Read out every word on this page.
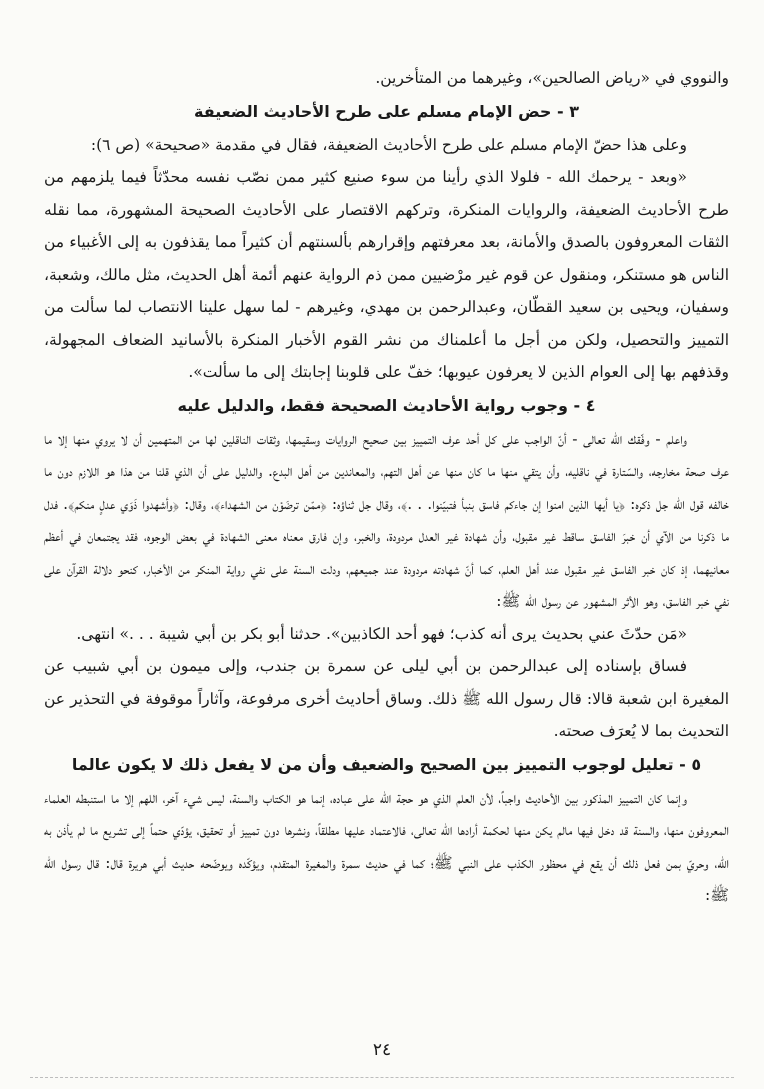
والنووي في «رياض الصالحين»، وغيرهما من المتأخرين.

٣ - حض الإمام مسلم على طرح الأحاديث الضعيفة

وعلى هذا حضّ الإمام مسلم على طرح الأحاديث الضعيفة، فقال في مقدمة «صحيحة» (ص ٦):

«وبعد - يرحمك الله - فلولا الذي رأينا من سوء صنيع كثير ممن نصّب نفسه محدّثاً فيما يلزمهم من طرح الأحاديث الضعيفة، والروايات المنكرة، وتركهم الاقتصار على الأحاديث الصحيحة المشهورة، مما نقله الثقات المعروفون بالصدق والأمانة، بعد معرفتهم وإقرارهم بألسنتهم أن كثيراً مما يقذفون به إلى الأغبياء من الناس هو مستنكر، ومنقول عن قوم غير مرْضيين ممن ذم الرواية عنهم أئمة أهل الحديث، مثل مالك، وشعبة، وسفيان، ويحيى بن سعيد القطّان، وعبدالرحمن بن مهدي، وغيرهم - لما سهل علينا الانتصاب لما سألت من التمييز والتحصيل، ولكن من أجل ما أعلمناك من نشر القوم الأخبار المنكرة بالأسانيد الضعاف المجهولة، وقذفهم بها إلى العوام الذين لا يعرفون عيوبها؛ خفّ على قلوبنا إجابتك إلى ما سألت».

٤ - وجوب رواية الأحاديث الصحيحة فقط، والدليل عليه

واعلم - وفّقك الله تعالى - أنّ الواجب على كل أحد عرف التمييز بين صحيح الروايات وسقيمها، وثقات الناقلين لها من المتهمين أن لا يروي منها إلا ما عرف صحة مخارجه، والسّتارة في ناقليه، وأن يتقي منها ما كان منها عن أهل التهم، والمعاندين من أهل البدع. والدليل على أن الذي قلنا من هذا هو اللازم دون ما خالفه قول الله جل ذكره: ﴿يا أيها الذين امنوا إن جاءكم فاسق بنبأ فتبيّنوا. . .﴾، وقال جل ثناؤه: ﴿ممّن ترضَوْن من الشهداء﴾، وقال: ﴿وأشهدوا ذَوَي عدلٍ منكم﴾. فدل ما ذكرنا من الآي أن خبرَ الفاسق ساقط غير مقبول، وأن شهادة غير العدل مردودة، والخبر، وإن فارق معناه معنى الشهادة في بعض الوجوه، فقد يجتمعان في أعظم معانيهما، إذ كان خبر الفاسق غير مقبول عند أهل العلم، كما أنّ شهادته مردودة عند جميعهم، ودلت السنة على نفي رواية المنكر من الأخبار، كنحو دلالة القرآن على نفي خبر الفاسق، وهو الأثر المشهور عن رسول الله ﷺ:

«مَن حدّثَ عني بحديث يرى أنه كذب؛ فهو أحد الكاذبين». حدثنا أبو بكر بن أبي شيبة . . .» انتهى.

فساق بإسناده إلى عبدالرحمن بن أبي ليلى عن سمرة بن جندب، وإلى ميمون بن أبي شبيب عن المغيرة ابن شعبة قالا: قال رسول الله ﷺ ذلك. وساق أحاديث أخرى مرفوعة، وآثاراً موقوفة في التحذير عن التحديث بما لا يُعرَف صحته.

٥ - تعليل لوجوب التمييز بين الصحيح والضعيف وأن من لا يفعل ذلك لا يكون عالما

وإنما كان التمييز المذكور بين الأحاديث واجباً، لأن العلم الذي هو حجة الله على عباده، إنما هو الكتاب والسنة، ليس شيء آخر، اللهم إلا ما استنبطه العلماء المعروفون منها، والسنة قد دخل فيها مالم يكن منها لحكمة أرادها الله تعالى، فالاعتماد عليها مطلقاً، ونشرها دون تمييز أو تحقيق، يؤدّي حتماً إلى تشريع ما لم يأذن به الله، وحريّ بمن فعل ذلك أن يقع في محظور الكذب على النبي ﷺ؛ كما في حديث سمرة والمغيرة المتقدم، ويؤكّده ويوضّحه حديث أبي هريرة قال: قال رسول الله ﷺ:

٢٤
